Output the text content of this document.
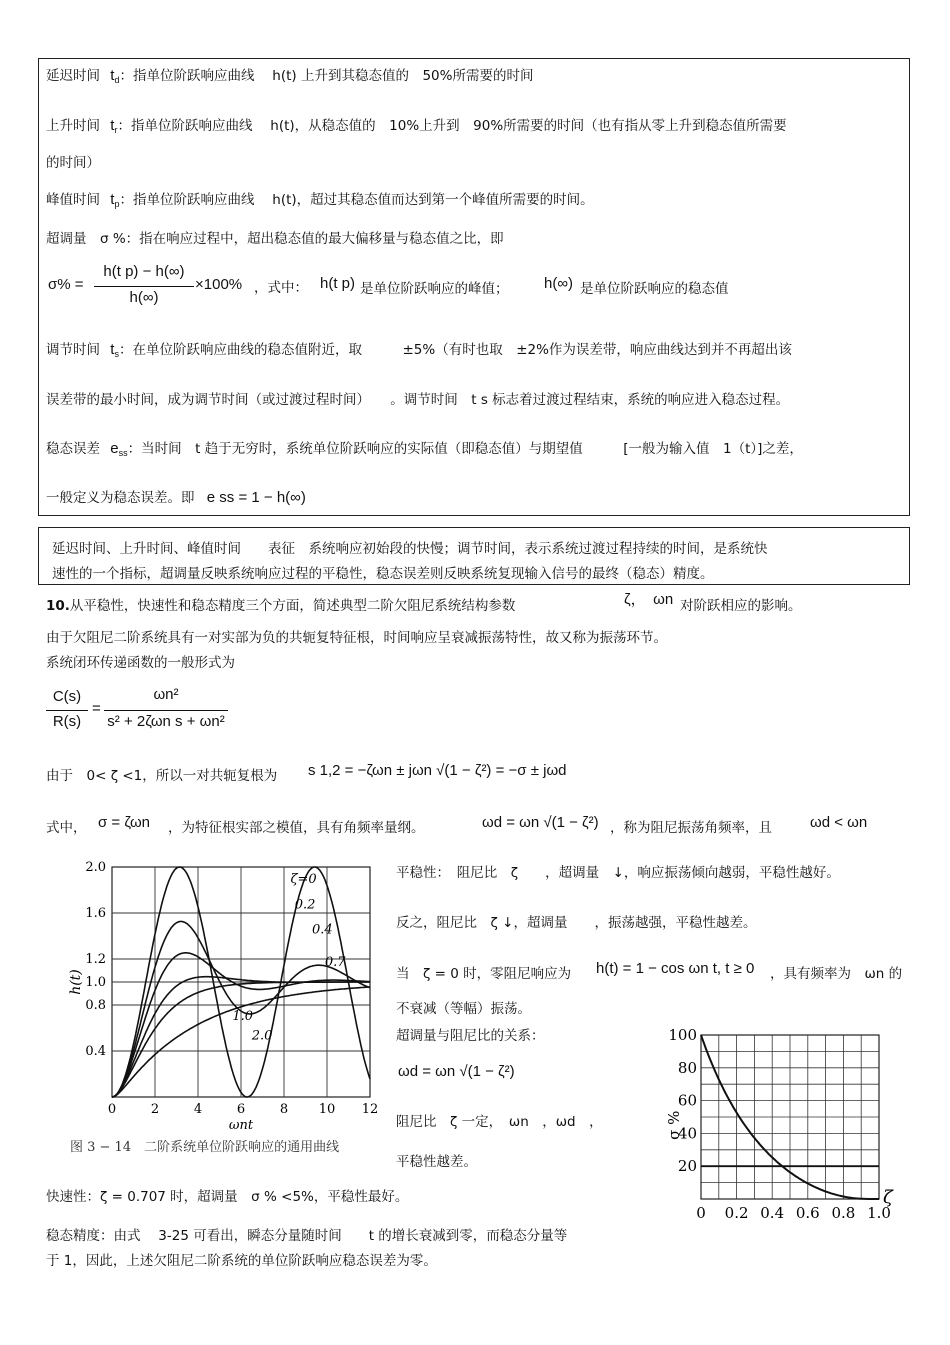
延迟时间 $t_d$：指单位阶跃响应曲线　 h(t) 上升到其稳态值的　50%所需要的时间
上升时间 $t_r$：指单位阶跃响应曲线　 h(t)，从稳态值的　10%上升到　90%所需要的时间（也有指从零上升到稳态值所需要
的时间）
峰值时间 $t_p$：指单位阶跃响应曲线　 h(t)，超过其稳态值而达到第一个峰值所需要的时间。
超调量　σ %：指在响应过程中，超出稳态值的最大偏移量与稳态值之比，即
σ% =
h(t p) − h(∞)
h(∞)
×100% ，式中： h(t p) 是单位阶跃响应的峰值； h(∞) 是单位阶跃响应的稳态值
调节时间 $t_s$：在单位阶跃响应曲线的稳态值附近，取　　　±5%（有时也取　±2%作为误差带，响应曲线达到并不再超出该
误差带的最小时间，成为调节时间（或过渡过程时间）　　。调节时间　t s 标志着过渡过程结束，系统的响应进入稳态过程。
稳态误差 $e_{ss}$：当时间　t 趋于无穷时，系统单位阶跃响应的实际值（即稳态值）与期望值　　　[一般为输入值　1（t）]之差，
一般定义为稳态误差。即 e ss = 1 − h(∞)
延迟时间、上升时间、峰值时间　　表征　系统响应初始段的快慢；调节时间，表示系统过渡过程持续的时间，是系统快
速性的一个指标，超调量反映系统响应过程的平稳性，稳态误差则反映系统复现输入信号的最终（稳态）精度。
10.从平稳性，快速性和稳态精度三个方面，简述典型二阶欠阻尼系统结构参数	ζ，　ωn 对阶跃相应的影响。
由于欠阻尼二阶系统具有一对实部为负的共轭复特征根，时间响应呈衰减振荡特性，故又称为振荡环节。
系统闭环传递函数的一般形式为
C(s)
R(s)
=
ωn²
s² + 2ζωn s + ωn²
由于　0< ζ <1，所以一对共轭复根为 s 1,2 = −ζωn ± jωn √(1 − ζ²) = −σ ± jωd
式中， σ = ζωn ，为特征根实部之模值，具有角频率量纲。	ωd = ωn √(1 − ζ²) ，称为阻尼振荡角频率，且	ωd < ωn
0	2	4	6	8 10 12
0.4
0.8
1.0
1.2
1.6
2.0
h(t)
ωnt
ζ=0
0.2
0.4
0.7
1.0
2.0
图 3 − 14　二阶系统单位阶跃响应的通用曲线
平稳性：　阻尼比　ζ　　，超调量　↓，响应振荡倾向越弱，平稳性越好。
反之，阻尼比　ζ ↓，超调量　　，振荡越强，平稳性越差。
当　ζ = 0 时，零阻尼响应为 h(t) = 1 − cos ωn t, t ≥ 0 ，具有频率为　ωn 的
不衰减（等幅）振荡。
超调量与阻尼比的关系：
ωd = ωn √(1 − ζ²)
阻尼比　ζ 一定，　ωn　，ωd　，
平稳性越差。
0 0.2 0.4 0.6 0.8 1.0
20
40
60
80
100
ζ
σ %
快速性：ζ = 0.707 时，超调量　σ % <5%，平稳性最好。
稳态精度：由式　 3-25 可看出，瞬态分量随时间　　t 的增长衰减到零，而稳态分量等
于 1，因此，上述欠阻尼二阶系统的单位阶跃响应稳态误差为零。
